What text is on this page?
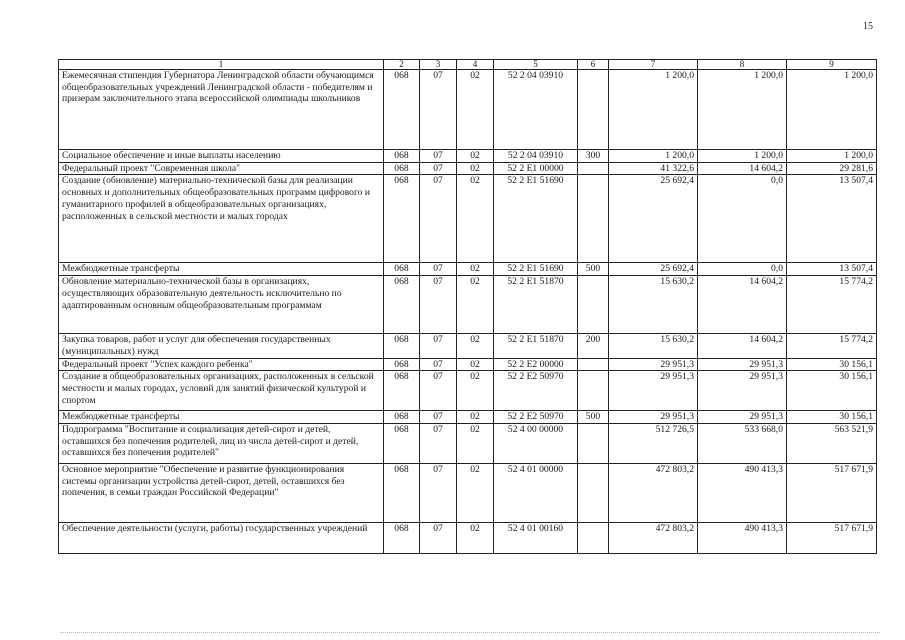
15
1	2	3	4	5	6	7	8	9
Ежемесячная стипендия Губернатора Ленинградской области обучающимся общеобразовательных учреждений Ленинградской области - победителям и призерам заключительного этапа всероссийской олимпиады школьников	068	07	02	52 2 04 03910		1 200,0	1 200,0	1 200,0
Социальное обеспечение и иные выплаты населению	068	07	02	52 2 04 03910	300	1 200,0	1 200,0	1 200,0
Федеральный проект "Современная школа"	068	07	02	52 2 E1 00000		41 322,6	14 604,2	29 281,6
Создание (обновление) материально-технической базы для реализации основных и дополнительных общеобразовательных программ цифрового и гуманитарного профилей в общеобразовательных организациях, расположенных в сельской местности и малых городах	068	07	02	52 2 E1 51690		25 692,4	0,0	13 507,4
Межбюджетные трансферты	068	07	02	52 2 E1 51690	500	25 692,4	0,0	13 507,4
Обновление материально-технической базы в организациях, осуществляющих образовательную деятельность исключительно по адаптированным основным общеобразовательным программам	068	07	02	52 2 E1 51870		15 630,2	14 604,2	15 774,2
Закупка товаров, работ и услуг для обеспечения государственных (муниципальных) нужд	068	07	02	52 2 E1 51870	200	15 630,2	14 604,2	15 774,2
Федеральный проект "Успех каждого ребенка"	068	07	02	52 2 E2 00000		29 951,3	29 951,3	30 156,1
Создание в общеобразовательных организациях, расположенных в сельской местности и малых городах, условий для занятий физической культурой и спортом	068	07	02	52 2 E2 50970		29 951,3	29 951,3	30 156,1
Межбюджетные трансферты	068	07	02	52 2 E2 50970	500	29 951,3	29 951,3	30 156,1
Подпрограмма "Воспитание и социализация детей-сирот и детей, оставшихся без попечения родителей, лиц из числа детей-сирот и детей, оставшихся без попечения родителей"	068	07	02	52 4 00 00000		512 726,5	533 668,0	563 521,9
Основное мероприятие "Обеспечение и развитие функционирования системы организации устройства детей-сирот, детей, оставшихся без попечения, в семьи граждан Российской Федерации"	068	07	02	52 4 01 00000		472 803,2	490 413,3	517 671,9
Обеспечение деятельности (услуги, работы) государственных учреждений	068	07	02	52 4 01 00160		472 803,2	490 413,3	517 671,9
